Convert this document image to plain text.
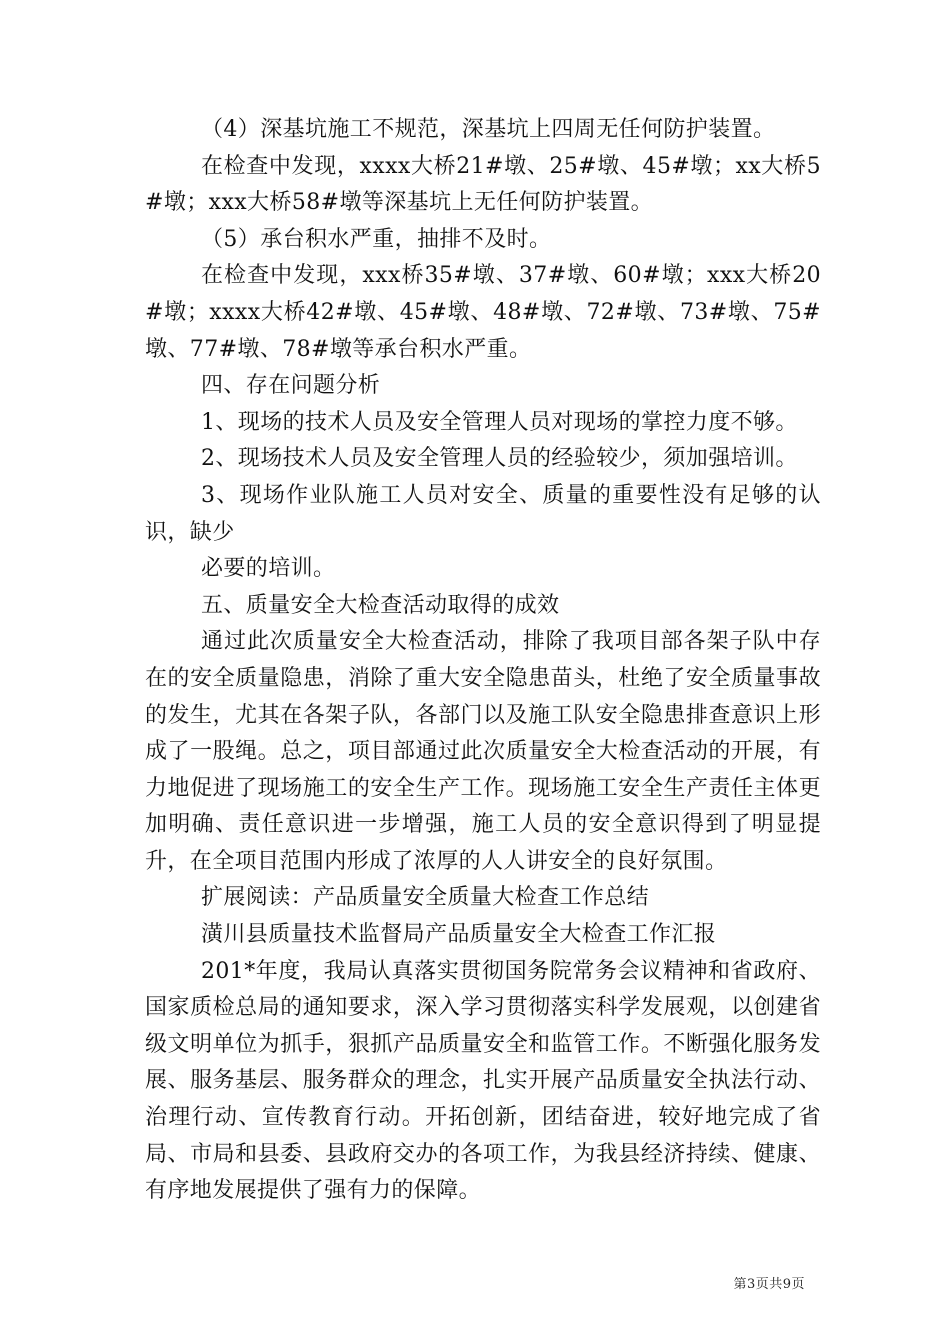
（4）深基坑施工不规范，深基坑上四周无任何防护装置。

在检查中发现，xxxx大桥21#墩、25#墩、45#墩；xx大桥5#墩；xxx大桥58#墩等深基坑上无任何防护装置。

（5）承台积水严重，抽排不及时。

在检查中发现，xxx桥35#墩、37#墩、60#墩；xxx大桥20#墩；xxxx大桥42#墩、45#墩、48#墩、72#墩、73#墩、75#墩、77#墩、78#墩等承台积水严重。

四、存在问题分析

1、现场的技术人员及安全管理人员对现场的掌控力度不够。

2、现场技术人员及安全管理人员的经验较少，须加强培训。

3、现场作业队施工人员对安全、质量的重要性没有足够的认识，缺少

必要的培训。

五、质量安全大检查活动取得的成效

通过此次质量安全大检查活动，排除了我项目部各架子队中存在的安全质量隐患，消除了重大安全隐患苗头，杜绝了安全质量事故的发生，尤其在各架子队，各部门以及施工队安全隐患排查意识上形成了一股绳。总之，项目部通过此次质量安全大检查活动的开展，有力地促进了现场施工的安全生产工作。现场施工安全生产责任主体更加明确、责任意识进一步增强，施工人员的安全意识得到了明显提升，在全项目范围内形成了浓厚的人人讲安全的良好氛围。

扩展阅读：产品质量安全质量大检查工作总结

潢川县质量技术监督局产品质量安全大检查工作汇报

201*年度，我局认真落实贯彻国务院常务会议精神和省政府、国家质检总局的通知要求，深入学习贯彻落实科学发展观，以创建省级文明单位为抓手，狠抓产品质量安全和监管工作。不断强化服务发展、服务基层、服务群众的理念，扎实开展产品质量安全执法行动、治理行动、宣传教育行动。开拓创新，团结奋进，较好地完成了省局、市局和县委、县政府交办的各项工作，为我县经济持续、健康、有序地发展提供了强有力的保障。

第3页共9页
